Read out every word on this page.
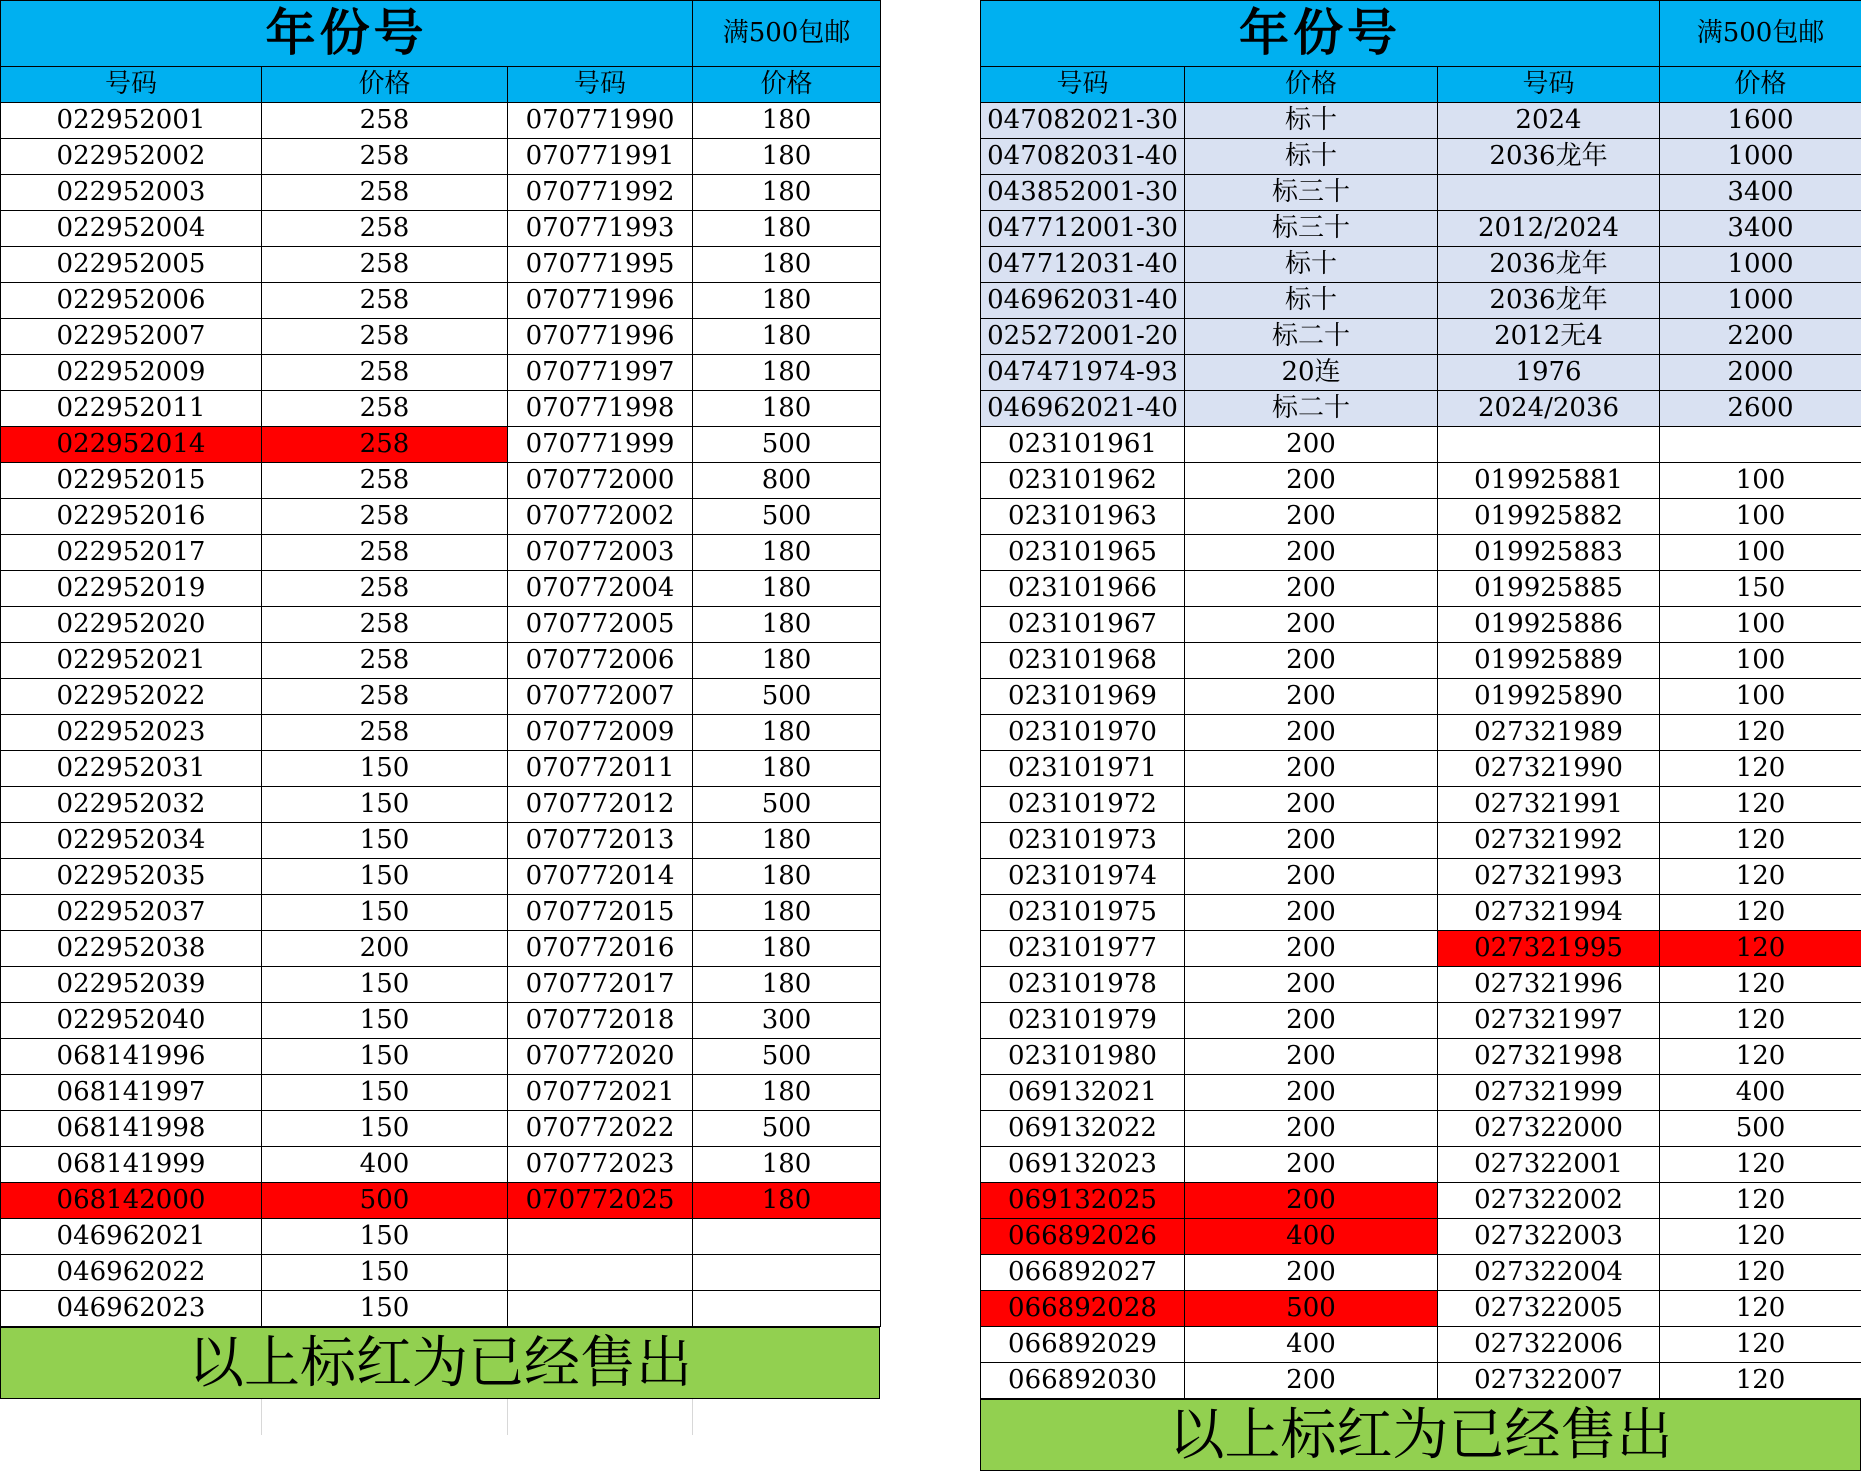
年份号			满500包邮
号码	价格	号码	价格
022952001	258	070771990	180
022952002	258	070771991	180
022952003	258	070771992	180
022952004	258	070771993	180
022952005	258	070771995	180
022952006	258	070771996	180
022952007	258	070771996	180
022952009	258	070771997	180
022952011	258	070771998	180
022952014	258	070771999	500
022952015	258	070772000	800
022952016	258	070772002	500
022952017	258	070772003	180
022952019	258	070772004	180
022952020	258	070772005	180
022952021	258	070772006	180
022952022	258	070772007	500
022952023	258	070772009	180
022952031	150	070772011	180
022952032	150	070772012	500
022952034	150	070772013	180
022952035	150	070772014	180
022952037	150	070772015	180
022952038	200	070772016	180
022952039	150	070772017	180
022952040	150	070772018	300
068141996	150	070772020	500
068141997	150	070772021	180
068141998	150	070772022	500
068141999	400	070772023	180
068142000	500	070772025	180
046962021	150		
046962022	150		
046962023	150		
以上标红为已经售出

年份号			满500包邮
号码	价格	号码	价格
047082021-30	标十	2024	1600
047082031-40	标十	2036龙年	1000
043852001-30	标三十		3400
047712001-30	标三十	2012/2024	3400
047712031-40	标十	2036龙年	1000
046962031-40	标十	2036龙年	1000
025272001-20	标二十	2012无4	2200
047471974-93	20连	1976	2000
046962021-40	标二十	2024/2036	2600
023101961	200		
023101962	200	019925881	100
023101963	200	019925882	100
023101965	200	019925883	100
023101966	200	019925885	150
023101967	200	019925886	100
023101968	200	019925889	100
023101969	200	019925890	100
023101970	200	027321989	120
023101971	200	027321990	120
023101972	200	027321991	120
023101973	200	027321992	120
023101974	200	027321993	120
023101975	200	027321994	120
023101977	200	027321995	120
023101978	200	027321996	120
023101979	200	027321997	120
023101980	200	027321998	120
069132021	200	027321999	400
069132022	200	027322000	500
069132023	200	027322001	120
069132025	200	027322002	120
066892026	400	027322003	120
066892027	200	027322004	120
066892028	500	027322005	120
066892029	400	027322006	120
066892030	200	027322007	120
以上标红为已经售出
